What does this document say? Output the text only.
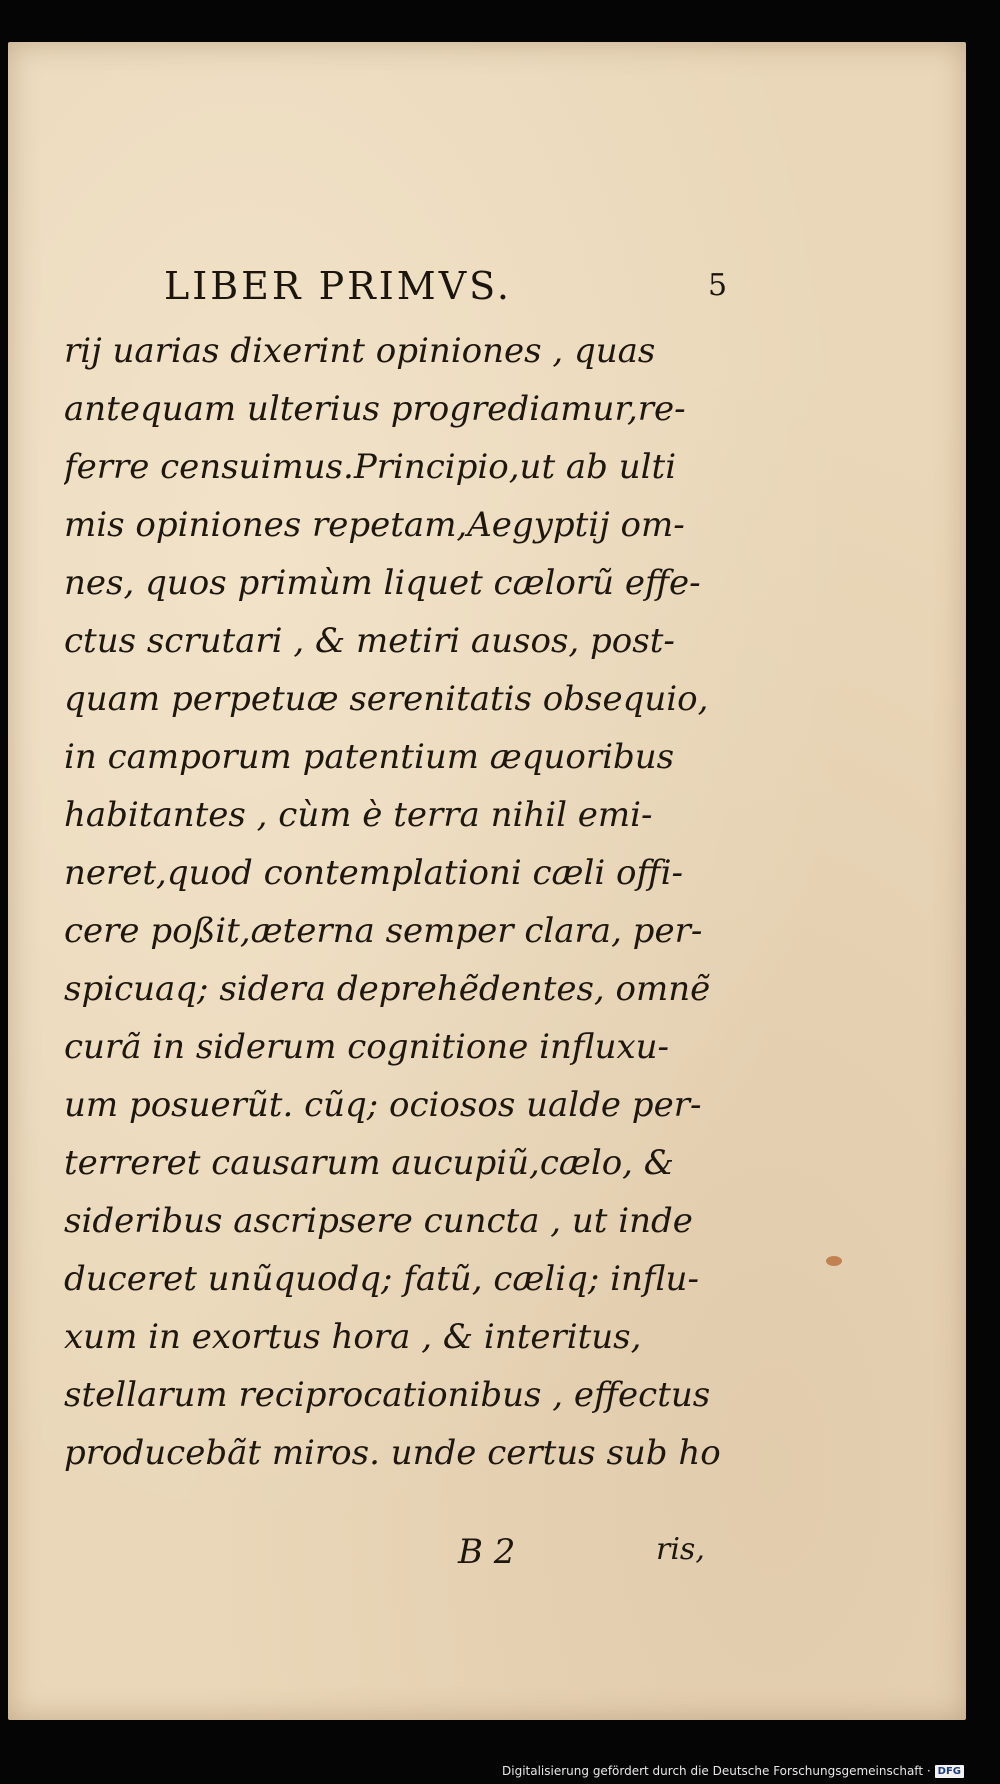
LIBER PRIMVS.	5
rij uarias dixerint opiniones , quas
antequam ulterius progrediamur,re-
ferre censuimus.Principio,ut ab ulti
mis opiniones repetam,Aegyptij om-
nes, quos primùm liquet cælorũ effe-
ctus scrutari , & metiri ausos, post-
quam perpetuæ serenitatis obsequio,
in camporum patentium æquoribus
habitantes , cùm è terra nihil emi-
neret,quod contemplationi cæli offi-
cere poßit,æterna semper clara, per-
spicuaq; sidera deprehẽdentes, omnẽ
curã in siderum cognitione influxu-
um posuerũt. cũq; ociosos ualde per-
terreret causarum aucupiũ,cælo, &
sideribus ascripsere cuncta , ut inde
duceret unũquodq; fatũ, cæliq; influ-
xum in exortus hora , & interitus,
stellarum reciprocationibus , effectus
producebãt miros. unde certus sub ho
B 2	ris,
Digitalisierung gefördert durch die Deutsche Forschungsgemeinschaft · DFG
